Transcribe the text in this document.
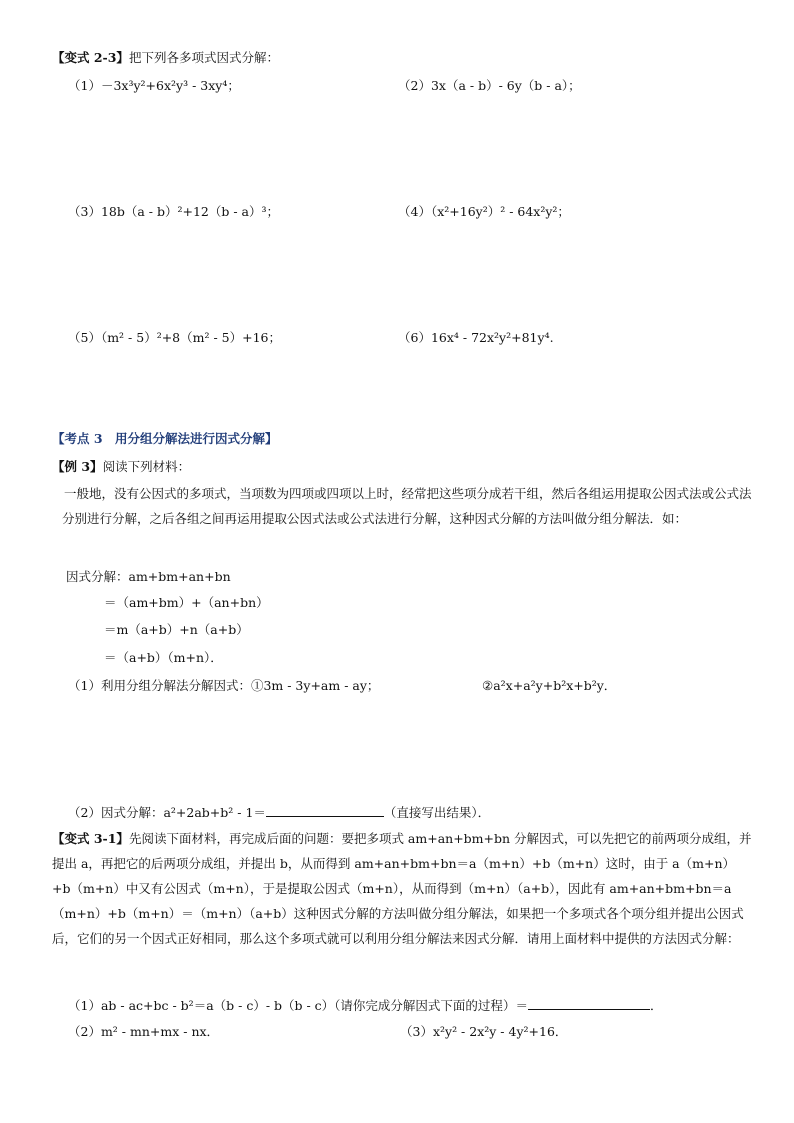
【变式 2-3】把下列各多项式因式分解：
（1）－3x³y²+6x²y³ - 3xy⁴；	（2）3x（a - b）- 6y（b - a）；
（3）18b（a - b）²+12（b - a）³；	（4）（x²+16y²）² - 64x²y²；
（5）（m² - 5）²+8（m² - 5）+16；	（6）16x⁴ - 72x²y²+81y⁴.
【考点 3　用分组分解法进行因式分解】
【例 3】阅读下列材料：
一般地，没有公因式的多项式，当项数为四项或四项以上时，经常把这些项分成若干组，然后各组运用提取公因式法或公式法分别进行分解，之后各组之间再运用提取公因式法或公式法进行分解，这种因式分解的方法叫做分组分解法．如：
因式分解：am+bm+an+bn
＝（am+bm）+（an+bn）
＝m（a+b）+n（a+b）
＝（a+b）（m+n）．
（1）利用分组分解法分解因式：①3m - 3y+am - ay；	②a²x+a²y+b²x+b²y．
（2）因式分解：a²+2ab+b² - 1＝	（直接写出结果）．
【变式 3-1】先阅读下面材料，再完成后面的问题：要把多项式 am+an+bm+bn 分解因式，可以先把它的前两项分成组，并提出 a，再把它的后两项分成组，并提出 b，从而得到 am+an+bm+bn＝a（m+n）+b（m+n）这时，由于 a（m+n）+b（m+n）中又有公因式（m+n），于是提取公因式（m+n），从而得到（m+n）（a+b），因此有 am+an+bm+bn＝a（m+n）+b（m+n）＝（m+n）（a+b）这种因式分解的方法叫做分组分解法，如果把一个多项式各个项分组并提出公因式后，它们的另一个因式正好相同，那么这个多项式就可以利用分组分解法来因式分解．请用上面材料中提供的方法因式分解：
（1）ab - ac+bc - b²＝a（b - c）- b（b - c）（请你完成分解因式下面的过程）＝	．
（2）m² - mn+mx - nx．	（3）x²y² - 2x²y - 4y²+16．
